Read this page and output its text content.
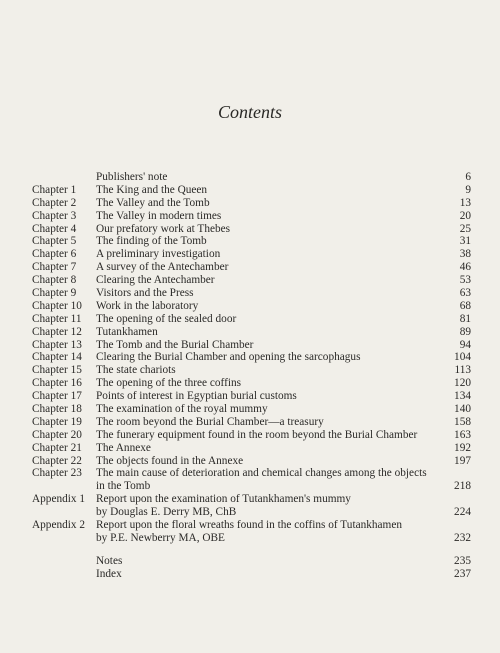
Contents
Publishers' note	6
Chapter 1 The King and the Queen	9
Chapter 2 The Valley and the Tomb	13
Chapter 3 The Valley in modern times	20
Chapter 4 Our prefatory work at Thebes	25
Chapter 5 The finding of the Tomb	31
Chapter 6 A preliminary investigation	38
Chapter 7 A survey of the Antechamber	46
Chapter 8 Clearing the Antechamber	53
Chapter 9 Visitors and the Press	63
Chapter 10 Work in the laboratory	68
Chapter 11 The opening of the sealed door	81
Chapter 12 Tutankhamen	89
Chapter 13 The Tomb and the Burial Chamber	94
Chapter 14 Clearing the Burial Chamber and opening the sarcophagus	104
Chapter 15 The state chariots	113
Chapter 16 The opening of the three coffins	120
Chapter 17 Points of interest in Egyptian burial customs	134
Chapter 18 The examination of the royal mummy	140
Chapter 19 The room beyond the Burial Chamber—a treasury	158
Chapter 20 The funerary equipment found in the room beyond the Burial Chamber	163
Chapter 21 The Annexe	192
Chapter 22 The objects found in the Annexe	197
Chapter 23 The main cause of deterioration and chemical changes among the objects
in the Tomb	218
Appendix 1 Report upon the examination of Tutankhamen's mummy
by Douglas E. Derry MB, ChB	224
Appendix 2 Report upon the floral wreaths found in the coffins of Tutankhamen
by P.E. Newberry MA, OBE	232
Notes	235
Index	237
